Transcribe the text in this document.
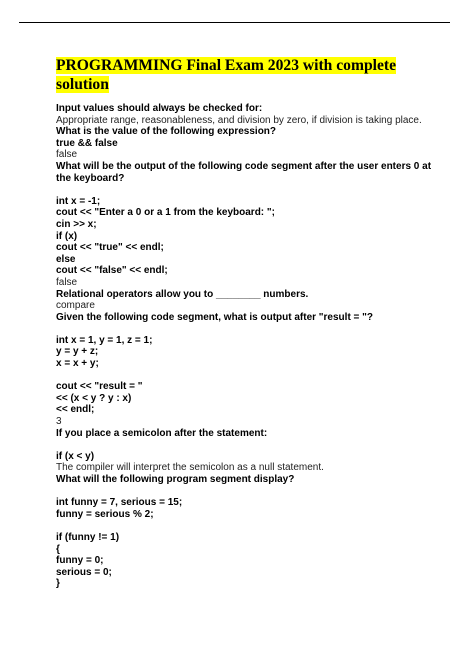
PROGRAMMING Final Exam 2023 with complete solution
Input values should always be checked for:
Appropriate range, reasonableness, and division by zero, if division is taking place.
What is the value of the following expression?
true && false
false
What will be the output of the following code segment after the user enters 0 at
the keyboard?
int x = -1;
cout << "Enter a 0 or a 1 from the keyboard: ";
cin >> x;
if (x)
cout << "true" << endl;
else
cout << "false" << endl;
false
Relational operators allow you to ________ numbers.
compare
Given the following code segment, what is output after "result = "?
int x = 1, y = 1, z = 1;
y = y + z;
x = x + y;
cout << "result = "
<< (x < y ? y : x)
<< endl;
3
If you place a semicolon after the statement:
if (x < y)
The compiler will interpret the semicolon as a null statement.
What will the following program segment display?
int funny = 7, serious = 15;
funny = serious % 2;
if (funny != 1)
{
funny = 0;
serious = 0;
}
